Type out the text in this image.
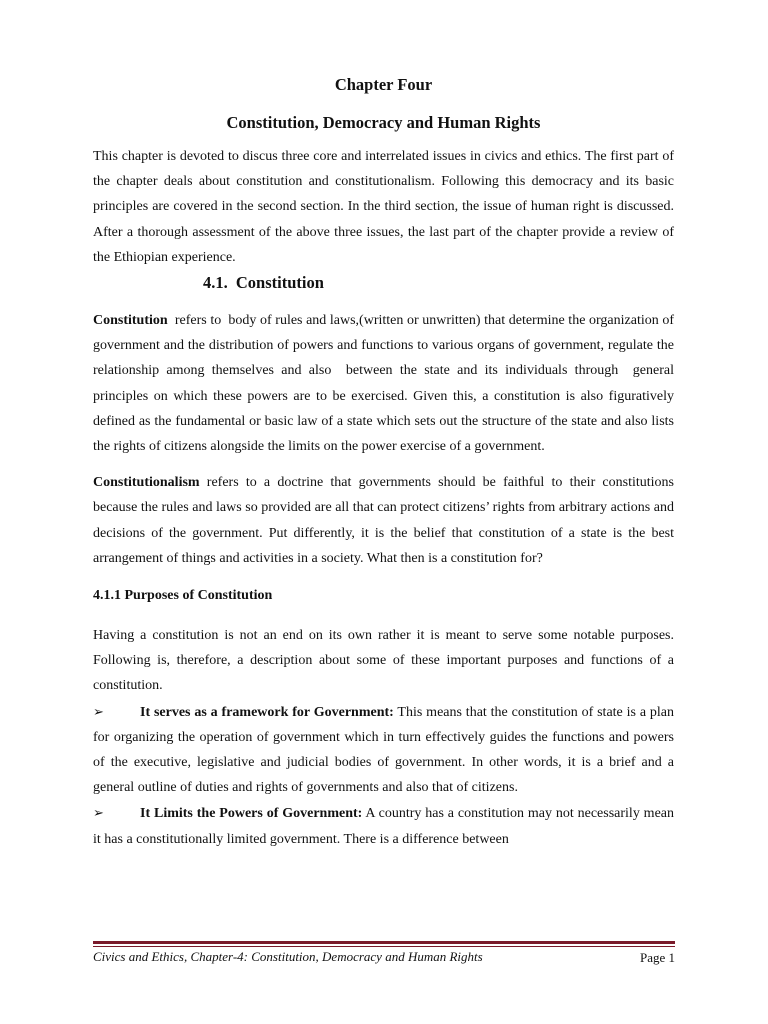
Chapter Four
Constitution, Democracy and Human Rights

This chapter is devoted to discus three core and interrelated issues in civics and ethics. The first part of the chapter deals about constitution and constitutionalism. Following this democracy and its basic principles are covered in the second section. In the third section, the issue of human right is discussed. After a thorough assessment of the above three issues, the last part of the chapter provide a review of the Ethiopian experience.

4.1. Constitution

Constitution  refers to  body of rules and laws,(written or unwritten) that determine the organization of government and the distribution of powers and functions to various organs of government, regulate the relationship among themselves and also  between the state and its individuals through  general principles on which these powers are to be exercised. Given this, a constitution is also figuratively defined as the fundamental or basic law of a state which sets out the structure of the state and also lists the rights of citizens alongside the limits on the power exercise of a government.

Constitutionalism refers to a doctrine that governments should be faithful to their constitutions because the rules and laws so provided are all that can protect citizens’ rights from arbitrary actions and decisions of the government. Put differently, it is the belief that constitution of a state is the best arrangement of things and activities in a society. What then is a constitution for?

4.1.1 Purposes of Constitution

Having a constitution is not an end on its own rather it is meant to serve some notable purposes. Following is, therefore, a description about some of these important purposes and functions of a constitution.

➢	It serves as a framework for Government: This means that the constitution of state is a plan for organizing the operation of government which in turn effectively guides the functions and powers of the executive, legislative and judicial bodies of government. In other words, it is a brief and a general outline of duties and rights of governments and also that of citizens.

➢	It Limits the Powers of Government: A country has a constitution may not necessarily mean it has a constitutionally limited government. There is a difference between

Civics and Ethics, Chapter-4: Constitution, Democracy and Human Rights	Page 1
